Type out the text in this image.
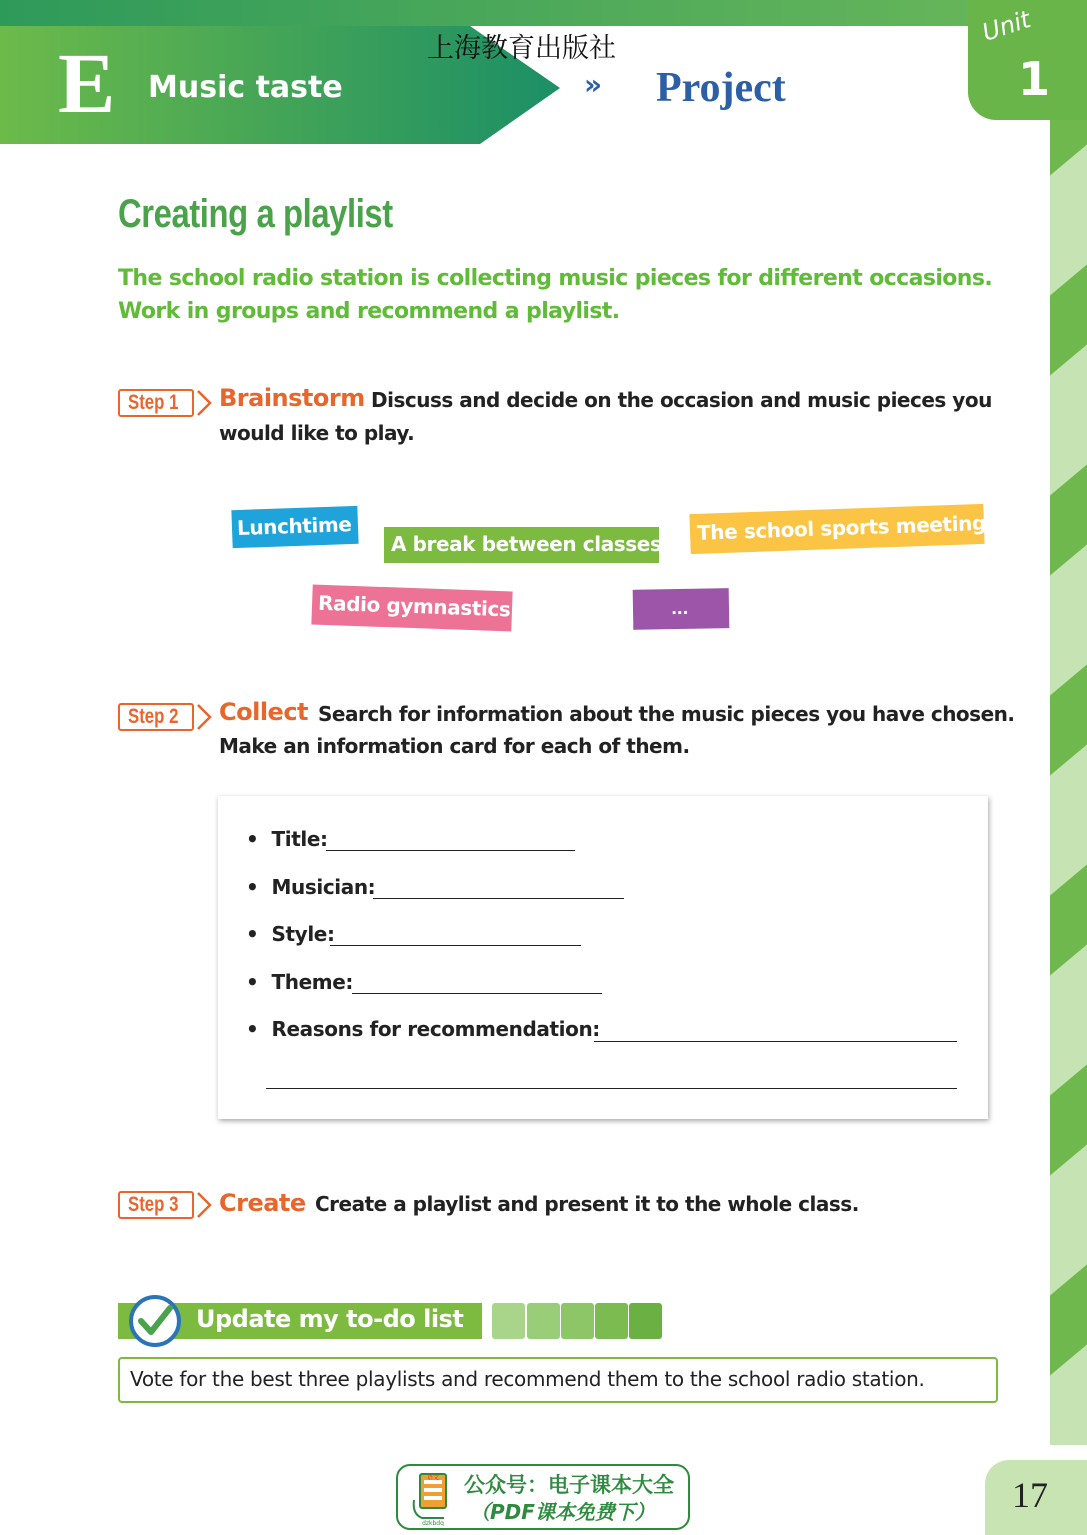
E Music taste
上海教育出版社
» Project
Unit
1
Creating a playlist
The school radio station is collecting music pieces for different occasions.
Work in groups and recommend a playlist.
Step 1	Brainstorm Discuss and decide on the occasion and music pieces you
would like to play.
Lunchtime
A break between classes	The school sports meeting
Radio gymnastics	...
Step 2	Collect Search for information about the music pieces you have chosen.
Make an information card for each of them.
•  Title:
•  Musician:
•  Style:
•  Theme:
•  Reasons for recommendation:
Step 3	Create Create a playlist and present it to the whole class.
Update my to-do list
Vote for the best three playlists and recommend them to the school radio station.
语文
dzkbdq
公众号：电子课本大全
（PDF课本免费下）	17
